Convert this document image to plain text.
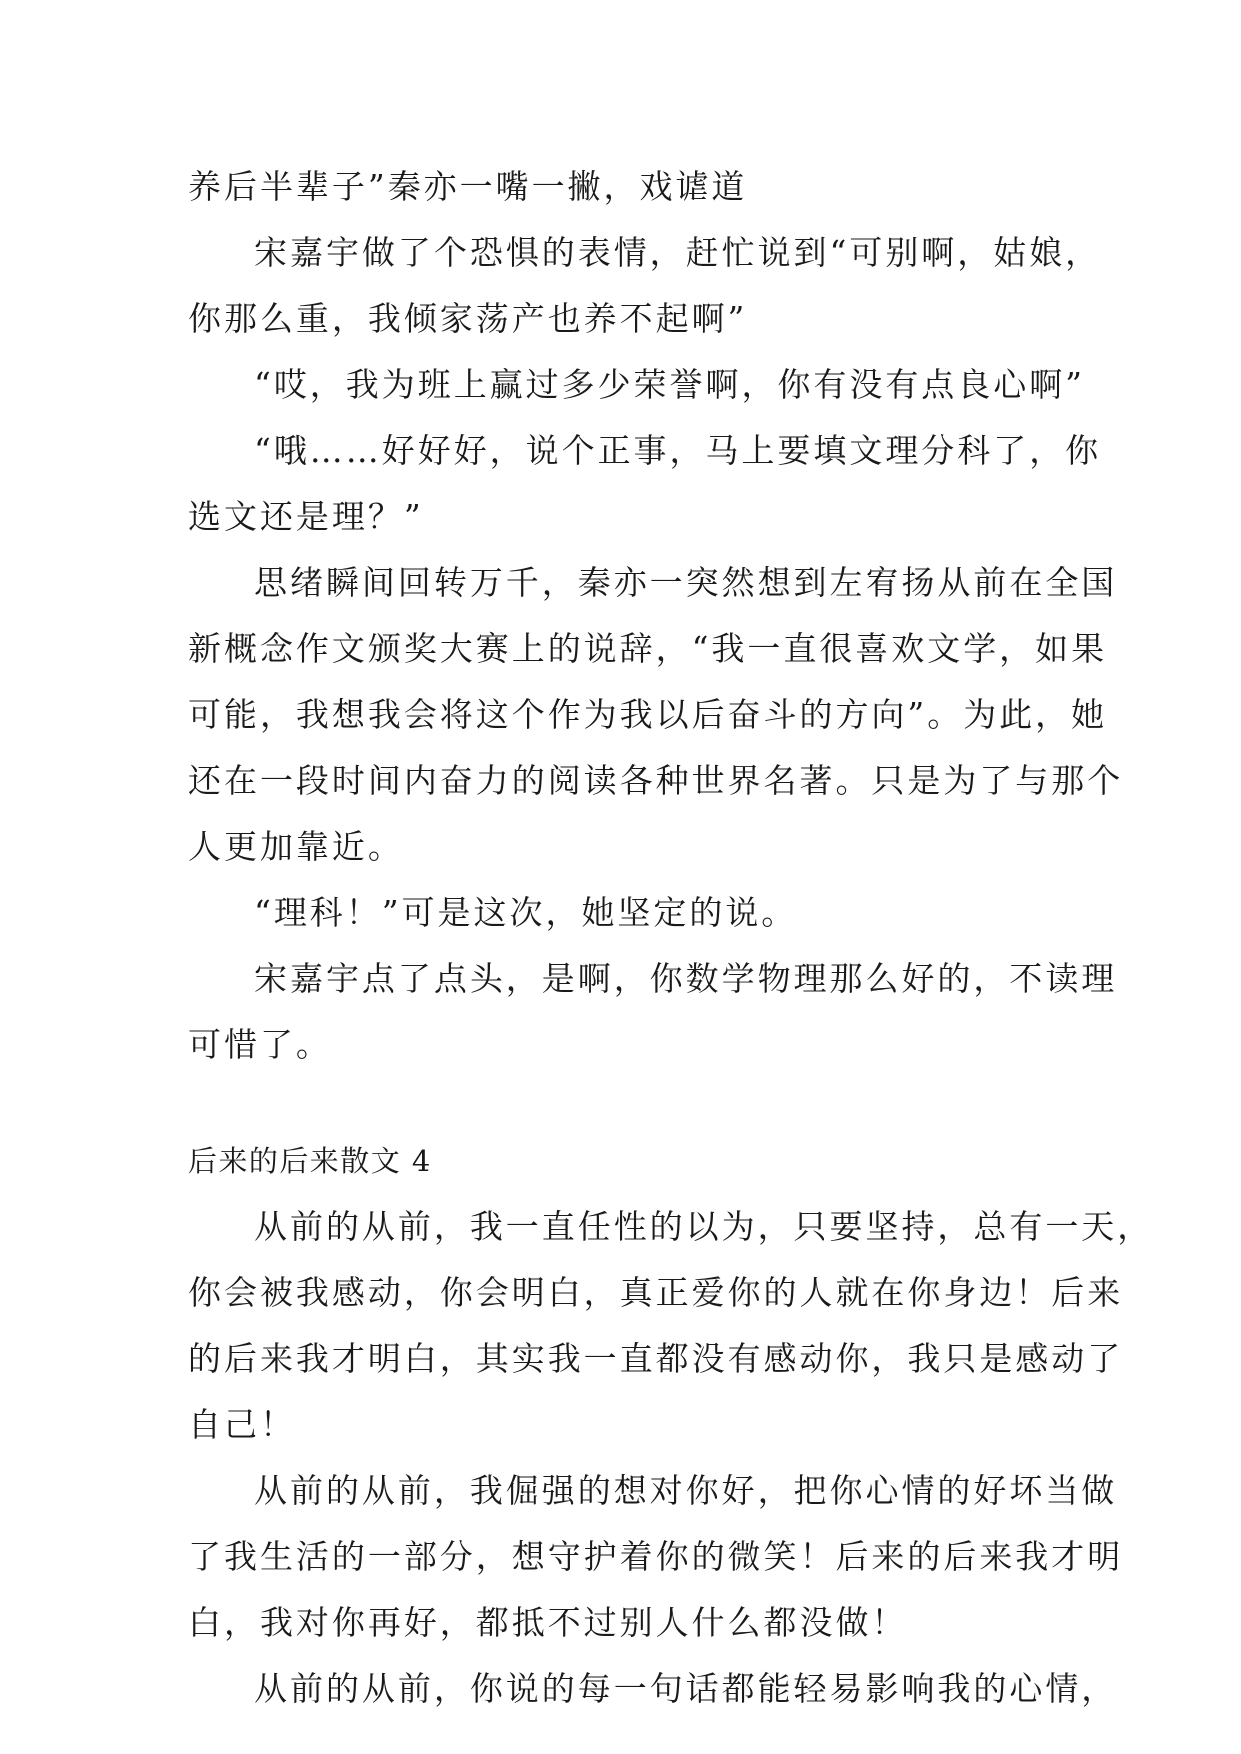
养后半辈子”秦亦一嘴一撇，戏谑道
宋嘉宇做了个恐惧的表情，赶忙说到“可别啊，姑娘，
你那么重，我倾家荡产也养不起啊”
“哎，我为班上赢过多少荣誉啊，你有没有点良心啊”
“哦……好好好，说个正事，马上要填文理分科了，你
选文还是理？”
思绪瞬间回转万千，秦亦一突然想到左宥扬从前在全国
新概念作文颁奖大赛上的说辞，“我一直很喜欢文学，如果
可能，我想我会将这个作为我以后奋斗的方向”。为此，她
还在一段时间内奋力的阅读各种世界名著。只是为了与那个
人更加靠近。
“理科！”可是这次，她坚定的说。
宋嘉宇点了点头，是啊，你数学物理那么好的，不读理
可惜了。
后来的后来散文 4
从前的从前，我一直任性的以为，只要坚持，总有一天，
你会被我感动，你会明白，真正爱你的人就在你身边！后来
的后来我才明白，其实我一直都没有感动你，我只是感动了
自己！
从前的从前，我倔强的想对你好，把你心情的好坏当做
了我生活的一部分，想守护着你的微笑！后来的后来我才明
白，我对你再好，都抵不过别人什么都没做！
从前的从前，你说的每一句话都能轻易影响我的心情，
